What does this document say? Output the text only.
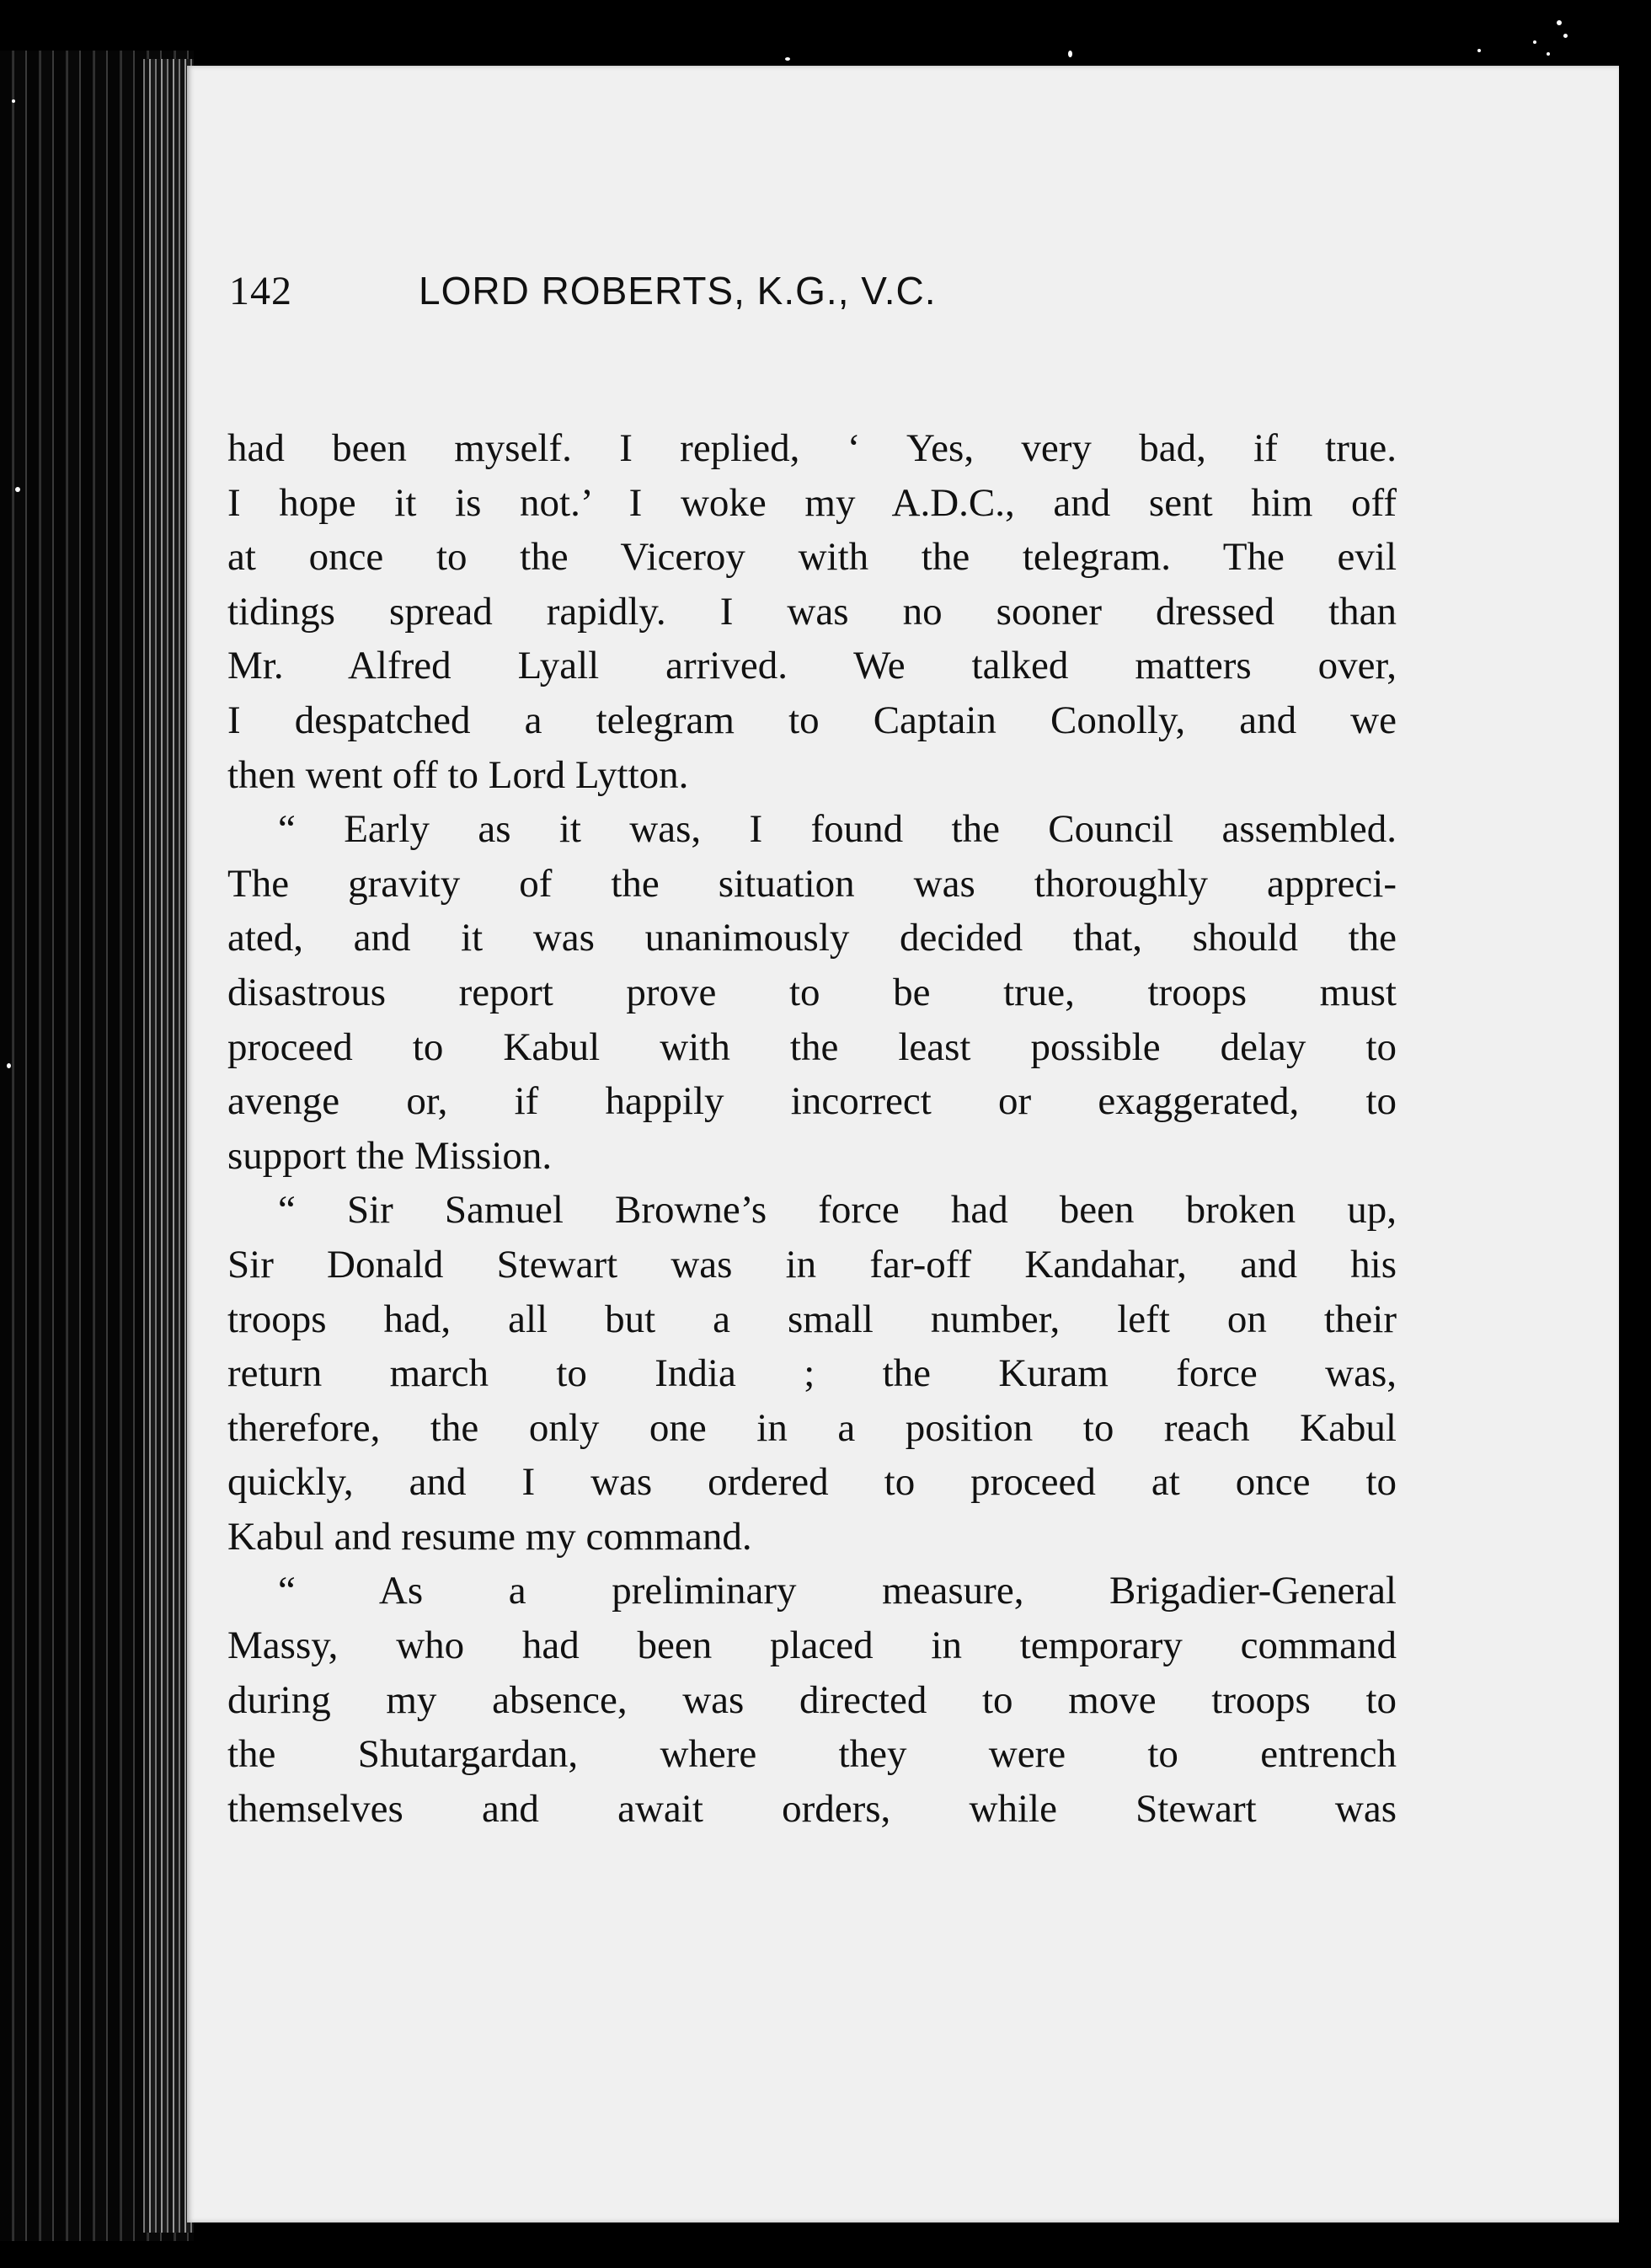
142	LORD ROBERTS, K.G., V.C.

had been myself. I replied, ‘ Yes, very bad, if true.
I hope it is not.’ I woke my A.D.C., and sent him off
at once to the Viceroy with the telegram. The evil
tidings spread rapidly. I was no sooner dressed than
Mr. Alfred Lyall arrived. We talked matters over,
I despatched a telegram to Captain Conolly, and we
then went off to Lord Lytton.

“ Early as it was, I found the Council assembled.
The gravity of the situation was thoroughly appreci-
ated, and it was unanimously decided that, should the
disastrous report prove to be true, troops must
proceed to Kabul with the least possible delay to
avenge or, if happily incorrect or exaggerated, to
support the Mission.

“ Sir Samuel Browne’s force had been broken up,
Sir Donald Stewart was in far-off Kandahar, and his
troops had, all but a small number, left on their
return march to India ; the Kuram force was,
therefore, the only one in a position to reach Kabul
quickly, and I was ordered to proceed at once to
Kabul and resume my command.

“ As a preliminary measure, Brigadier-General
Massy, who had been placed in temporary command
during my absence, was directed to move troops to
the Shutargardan, where they were to entrench
themselves and await orders, while Stewart was
